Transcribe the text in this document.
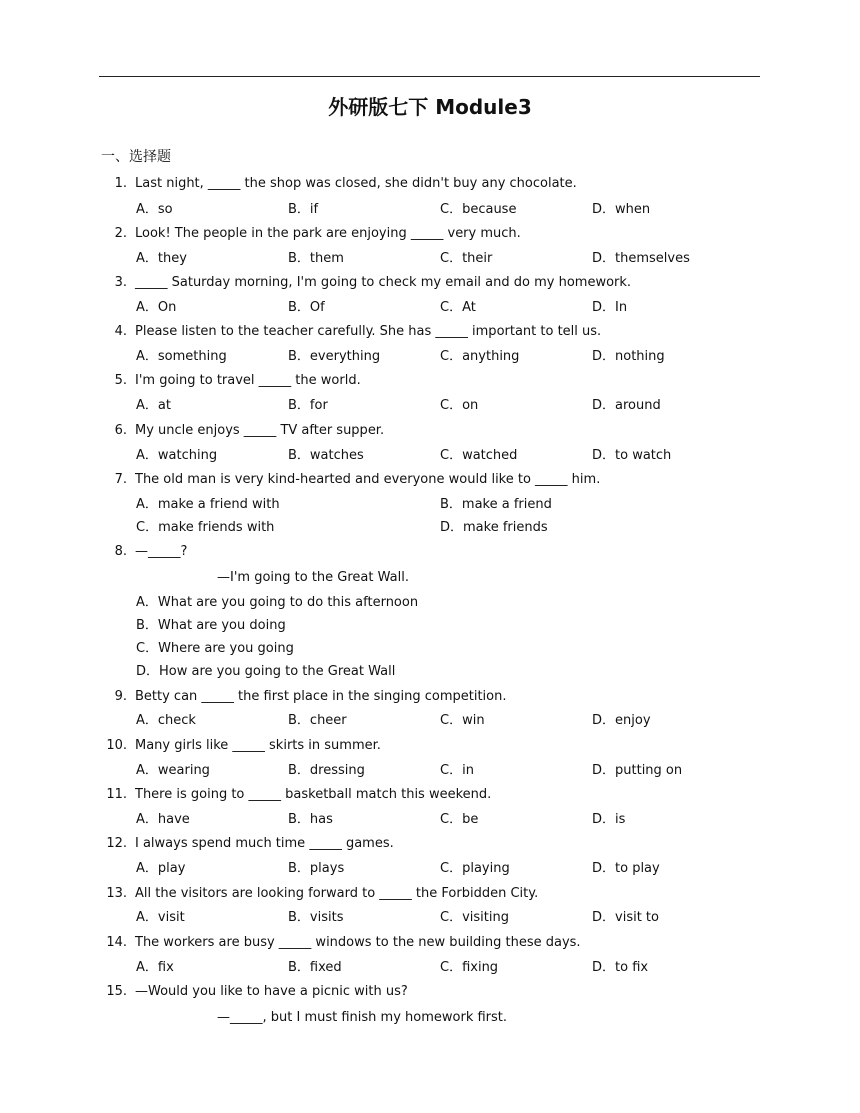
外研版七下 Module3
一、选择题
1. Last night, _____ the shop was closed, she didn't buy any chocolate.
A．so	B．if	C．because	D．when
2. Look! The people in the park are enjoying _____ very much.
A．they	B．them	C．their	D．themselves
3. _____ Saturday morning, I'm going to check my email and do my homework.
A．On	B．Of	C．At	D．In
4. Please listen to the teacher carefully. She has _____ important to tell us.
A．something	B．everything	C．anything	D．nothing
5. I'm going to travel _____ the world.
A．at	B．for	C．on	D．around
6. My uncle enjoys _____ TV after supper.
A．watching	B．watches	C．watched	D．to watch
7. The old man is very kind-hearted and everyone would like to _____ him.
A．make a friend with	B．make a friend
C．make friends with	D．make friends
8. —_____?
—I'm going to the Great Wall.
A．What are you going to do this afternoon
B．What are you doing
C．Where are you going
D．How are you going to the Great Wall
9. Betty can _____ the first place in the singing competition.
A．check	B．cheer	C．win	D．enjoy
10. Many girls like _____ skirts in summer.
A．wearing	B．dressing	C．in	D．putting on
11. There is going to _____ basketball match this weekend.
A．have	B．has	C．be	D．is
12. I always spend much time _____ games.
A．play	B．plays	C．playing	D．to play
13. All the visitors are looking forward to _____ the Forbidden City.
A．visit	B．visits	C．visiting	D．visit to
14. The workers are busy _____ windows to the new building these days.
A．fix	B．fixed	C．fixing	D．to fix
15. —Would you like to have a picnic with us?
—_____, but I must finish my homework first.
